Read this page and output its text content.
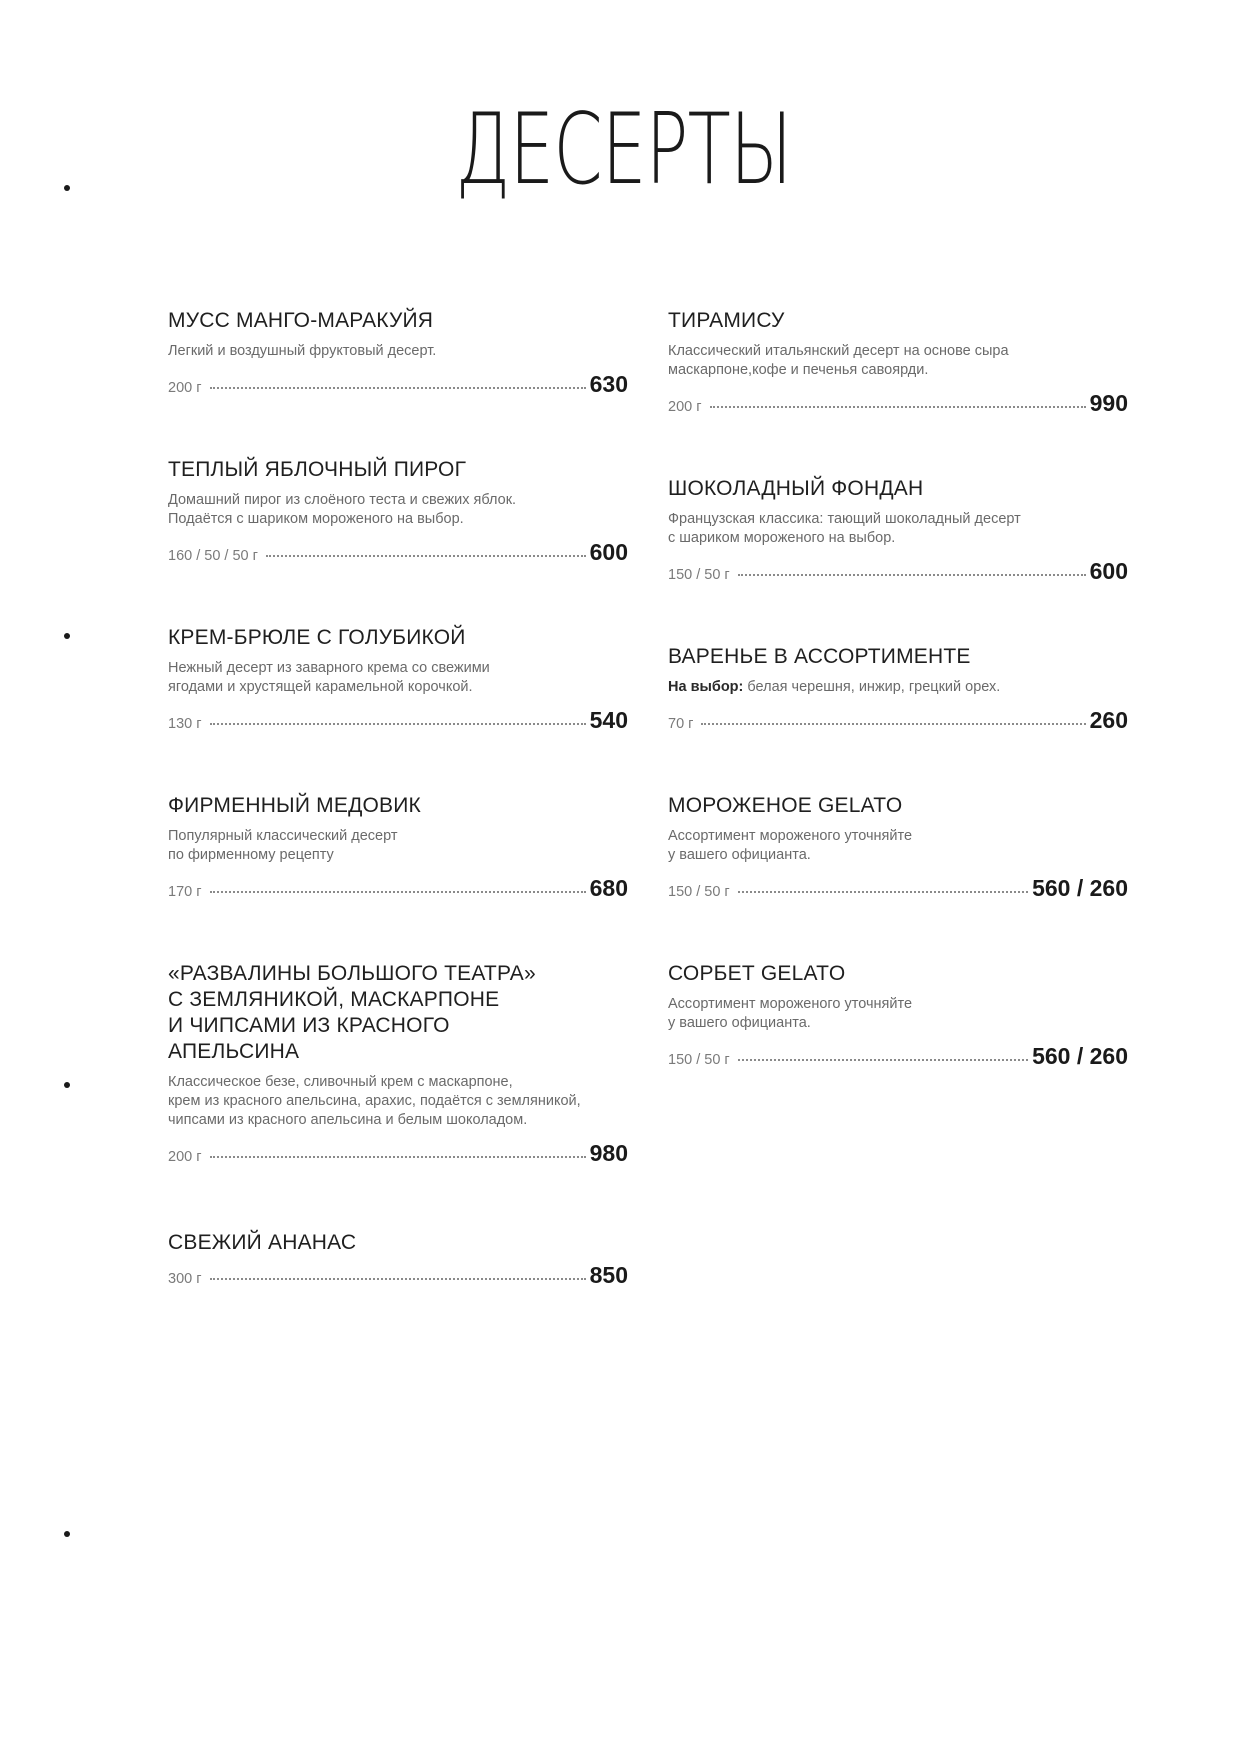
ДЕСЕРТЫ
МУСС МАНГО-МАРАКУЙЯ
Легкий и воздушный фруктовый десерт.
200 г	630
ТЕПЛЫЙ ЯБЛОЧНЫЙ ПИРОГ
Домашний пирог из слоёного теста и свежих яблок.
Подаётся с шариком мороженого на выбор.
160 / 50 / 50 г	600
КРЕМ-БРЮЛЕ С ГОЛУБИКОЙ
Нежный десерт из заварного крема со свежими
ягодами и хрустящей карамельной корочкой.
130 г	540
ФИРМЕННЫЙ МЕДОВИК
Популярный классический десерт
по фирменному рецепту
170 г	680
«РАЗВАЛИНЫ БОЛЬШОГО ТЕАТРА»
С ЗЕМЛЯНИКОЙ, МАСКАРПОНЕ
И ЧИПСАМИ ИЗ КРАСНОГО
АПЕЛЬСИНА
Классическое безе, сливочный крем с маскарпоне,
крем из красного апельсина, арахис, подаётся с земляникой,
чипсами из красного апельсина и белым шоколадом.
200 г	980
СВЕЖИЙ АНАНАС
300 г	850
ТИРАМИСУ
Классический итальянский десерт на основе сыра
маскарпоне,кофе и печенья савоярди.
200 г	990
ШОКОЛАДНЫЙ ФОНДАН
Французская классика: тающий шоколадный десерт
с шариком мороженого на выбор.
150 / 50 г	600
ВАРЕНЬЕ В АССОРТИМЕНТЕ
На выбор: белая черешня, инжир, грецкий орех.
70 г	260
МОРОЖЕНОЕ GELATO
Ассортимент мороженого уточняйте
у вашего официанта.
150 / 50 г	560 / 260
СОРБЕТ GELATO
Ассортимент мороженого уточняйте
у вашего официанта.
150 / 50 г	560 / 260
